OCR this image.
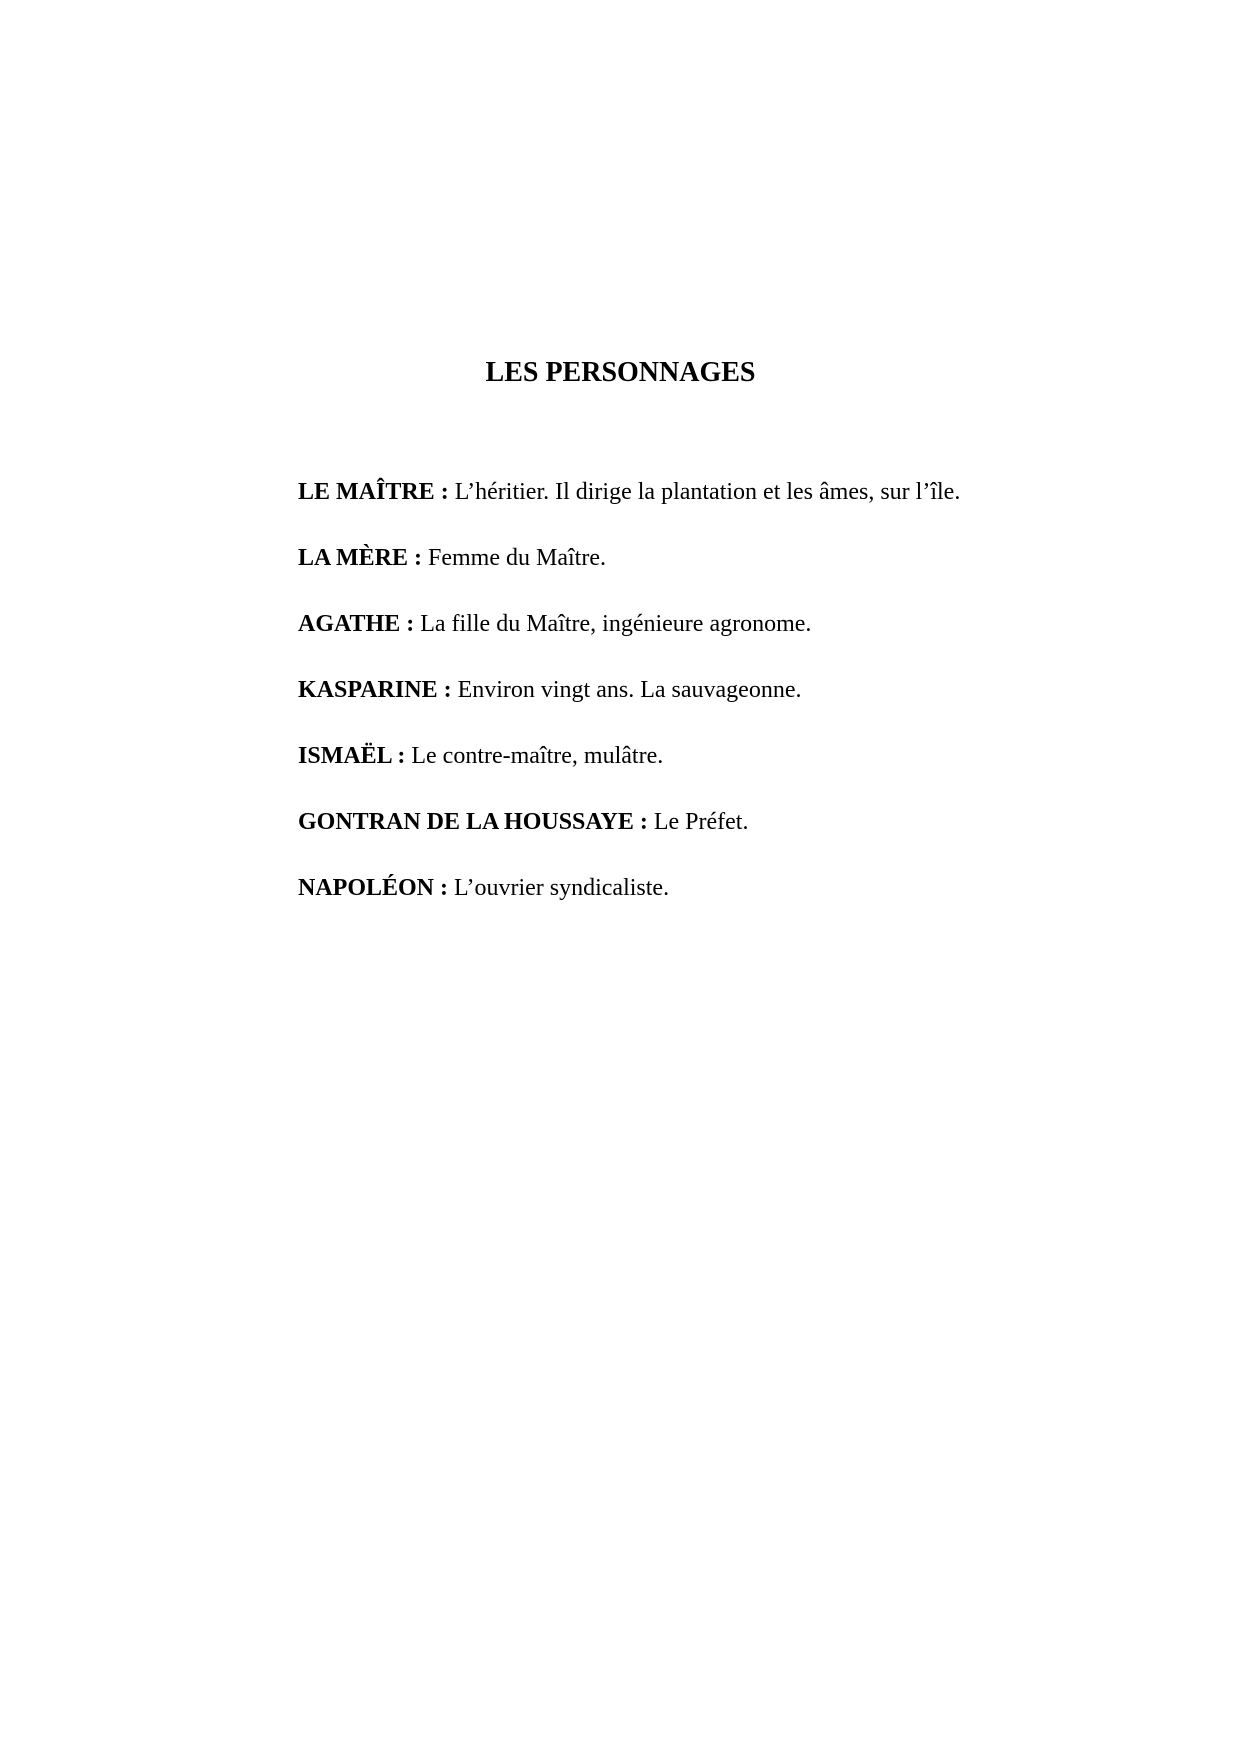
LES PERSONNAGES
LE MAÎTRE : L’héritier. Il dirige la plantation et les âmes, sur l’île.
LA MÈRE : Femme du Maître.
AGATHE : La fille du Maître, ingénieure agronome.
KASPARINE : Environ vingt ans. La sauvageonne.
ISMAËL : Le contre-maître, mulâtre.
GONTRAN DE LA HOUSSAYE : Le Préfet.
NAPOLÉON : L’ouvrier syndicaliste.
